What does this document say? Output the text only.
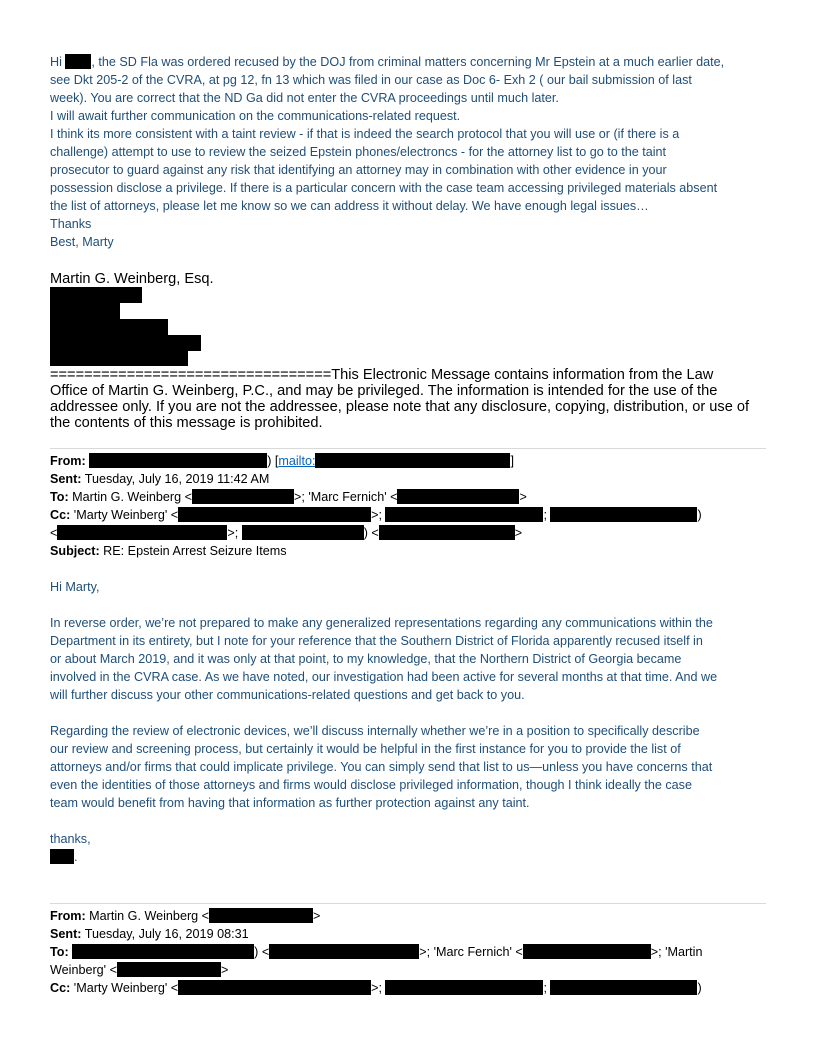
Hi , the SD Fla was ordered recused by the DOJ from criminal matters concerning Mr Epstein at a much earlier date,
see Dkt 205-2 of the CVRA, at pg 12, fn 13 which was filed in our case as Doc 6- Exh 2 ( our bail submission of last
week). You are correct that the ND Ga did not enter the CVRA proceedings until much later.
I will await further communication on the communications-related request.
I think its more consistent with a taint review - if that is indeed the search protocol that you will use or (if there is a
challenge) attempt to use to review the seized Epstein phones/electroncs - for the attorney list to go to the taint
prosecutor to guard against any risk that identifying an attorney may in combination with other evidence in your
possession disclose a privilege. If there is a particular concern with the case team accessing privileged materials absent
the list of attorneys, please let me know so we can address it without delay. We have enough legal issues…
Thanks
Best, Marty
Martin G. Weinberg, Esq.
=================================This Electronic Message contains information from the Law
Office of Martin G. Weinberg, P.C., and may be privileged. The information is intended for the use of the
addressee only. If you are not the addressee, please note that any disclosure, copying, distribution, or use of
the contents of this message is prohibited.
From:	) [mailto:	]
Sent: Tuesday, July 16, 2019 11:42 AM
To: Martin G. Weinberg <	>; 'Marc Fernich' <	>
Cc: 'Marty Weinberg' <	>;	;	)
<	>;	) <	>
Subject: RE: Epstein Arrest Seizure Items
Hi Marty,
In reverse order, we’re not prepared to make any generalized representations regarding any communications within the
Department in its entirety, but I note for your reference that the Southern District of Florida apparently recused itself in
or about March 2019, and it was only at that point, to my knowledge, that the Northern District of Georgia became
involved in the CVRA case. As we have noted, our investigation had been active for several months at that time. And we
will further discuss your other communications-related questions and get back to you.
Regarding the review of electronic devices, we’ll discuss internally whether we’re in a position to specifically describe
our review and screening process, but certainly it would be helpful in the first instance for you to provide the list of
attorneys and/or firms that could implicate privilege. You can simply send that list to us—unless you have concerns that
even the identities of those attorneys and firms would disclose privileged information, though I think ideally the case
team would benefit from having that information as further protection against any taint.
thanks,
.
From: Martin G. Weinberg <	>
Sent: Tuesday, July 16, 2019 08:31
To:	) <	>; 'Marc Fernich' <	>; 'Martin
Weinberg' <	>
Cc: 'Marty Weinberg' <	>;	;	)
